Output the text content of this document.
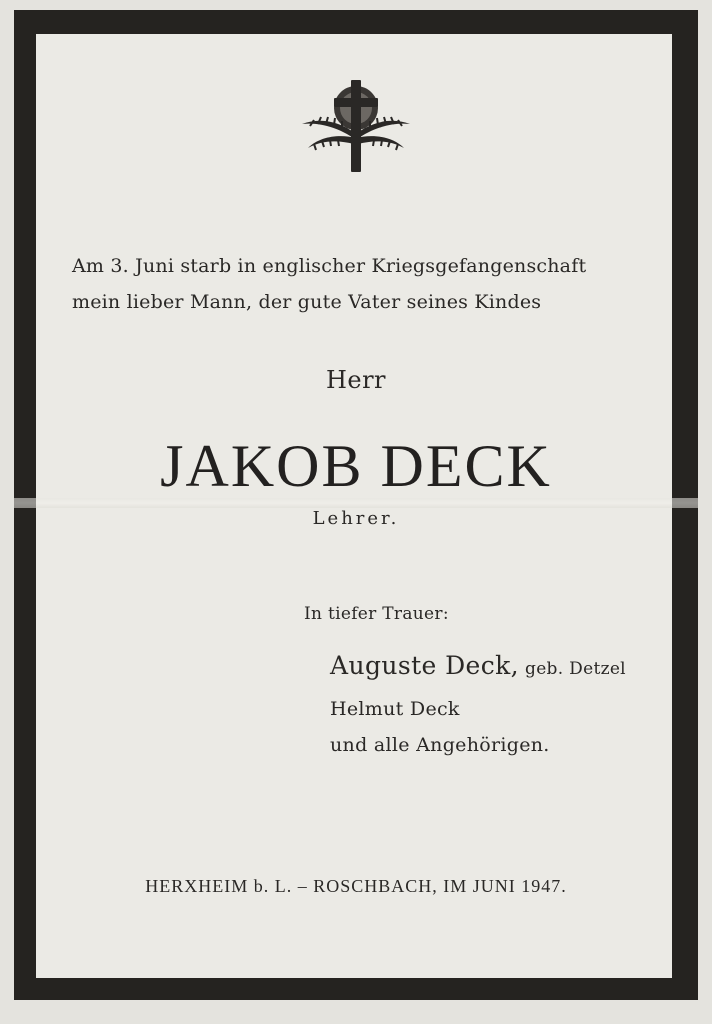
Am 3. Juni starb in englischer Kriegsgefangenschaft
mein lieber Mann, der gute Vater seines Kindes
Herr
JAKOB DECK
Lehrer.
In tiefer Trauer:
Auguste Deck, geb. Detzel
Helmut Deck
und alle Angehörigen.
HERXHEIM b. L. – ROSCHBACH, IM JUNI 1947.
